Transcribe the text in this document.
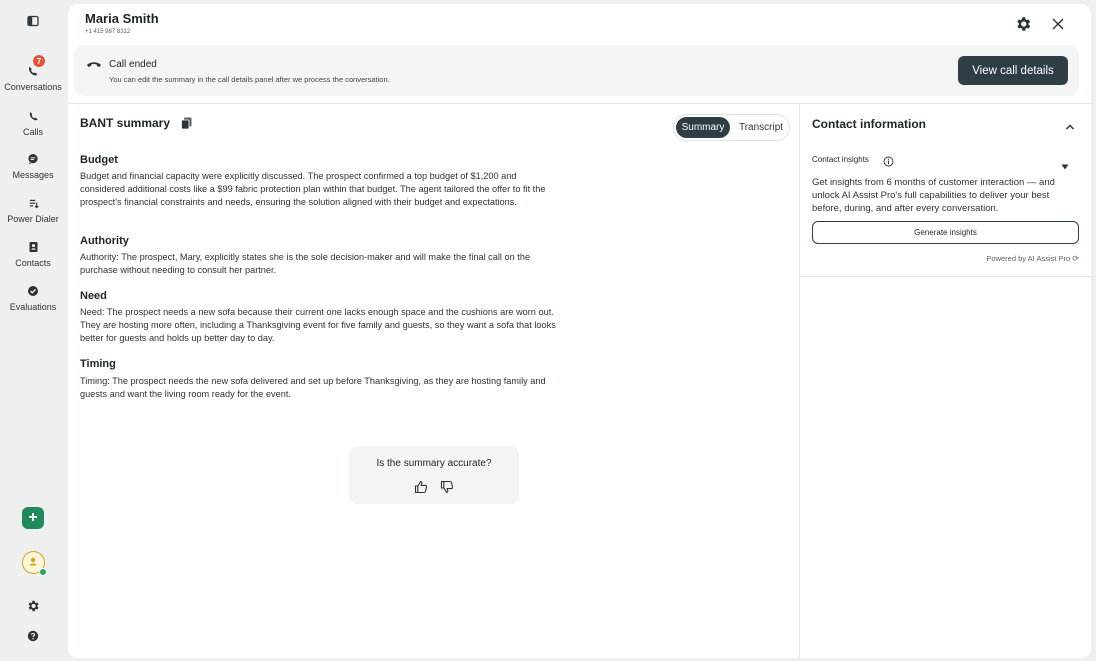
7
Conversations
Calls
Messages
Power Dialer
Contacts
Evaluations
+
Maria Smith
+1 415 987 8312
Call ended
You can edit the summary in the call details panel after we process the conversation.
View call details
BANT summary	Summary	Transcript
Budget
Budget and financial capacity were explicitly discussed. The prospect confirmed a top budget of $1,200 and considered additional costs like a $99 fabric protection plan within that budget. The agent tailored the offer to fit the prospect's financial constraints and needs, ensuring the solution aligned with their budget and expectations.
Authority
Authority: The prospect, Mary, explicitly states she is the sole decision-maker and will make the final call on the purchase without needing to consult her partner.
Need
Need: The prospect needs a new sofa because their current one lacks enough space and the cushions are worn out. They are hosting more often, including a Thanksgiving event for five family and guests, so they want a sofa that looks better for guests and holds up better day to day.
Timing
Timing: The prospect needs the new sofa delivered and set up before Thanksgiving, as they are hosting family and guests and want the living room ready for the event.
Is the summary accurate?
Contact information
Contact insights
Get insights from 6 months of customer interaction — and unlock AI Assist Pro's full capabilities to deliver your best before, during, and after every conversation.
Generate insights
Powered by AI Assist Pro ⟳
